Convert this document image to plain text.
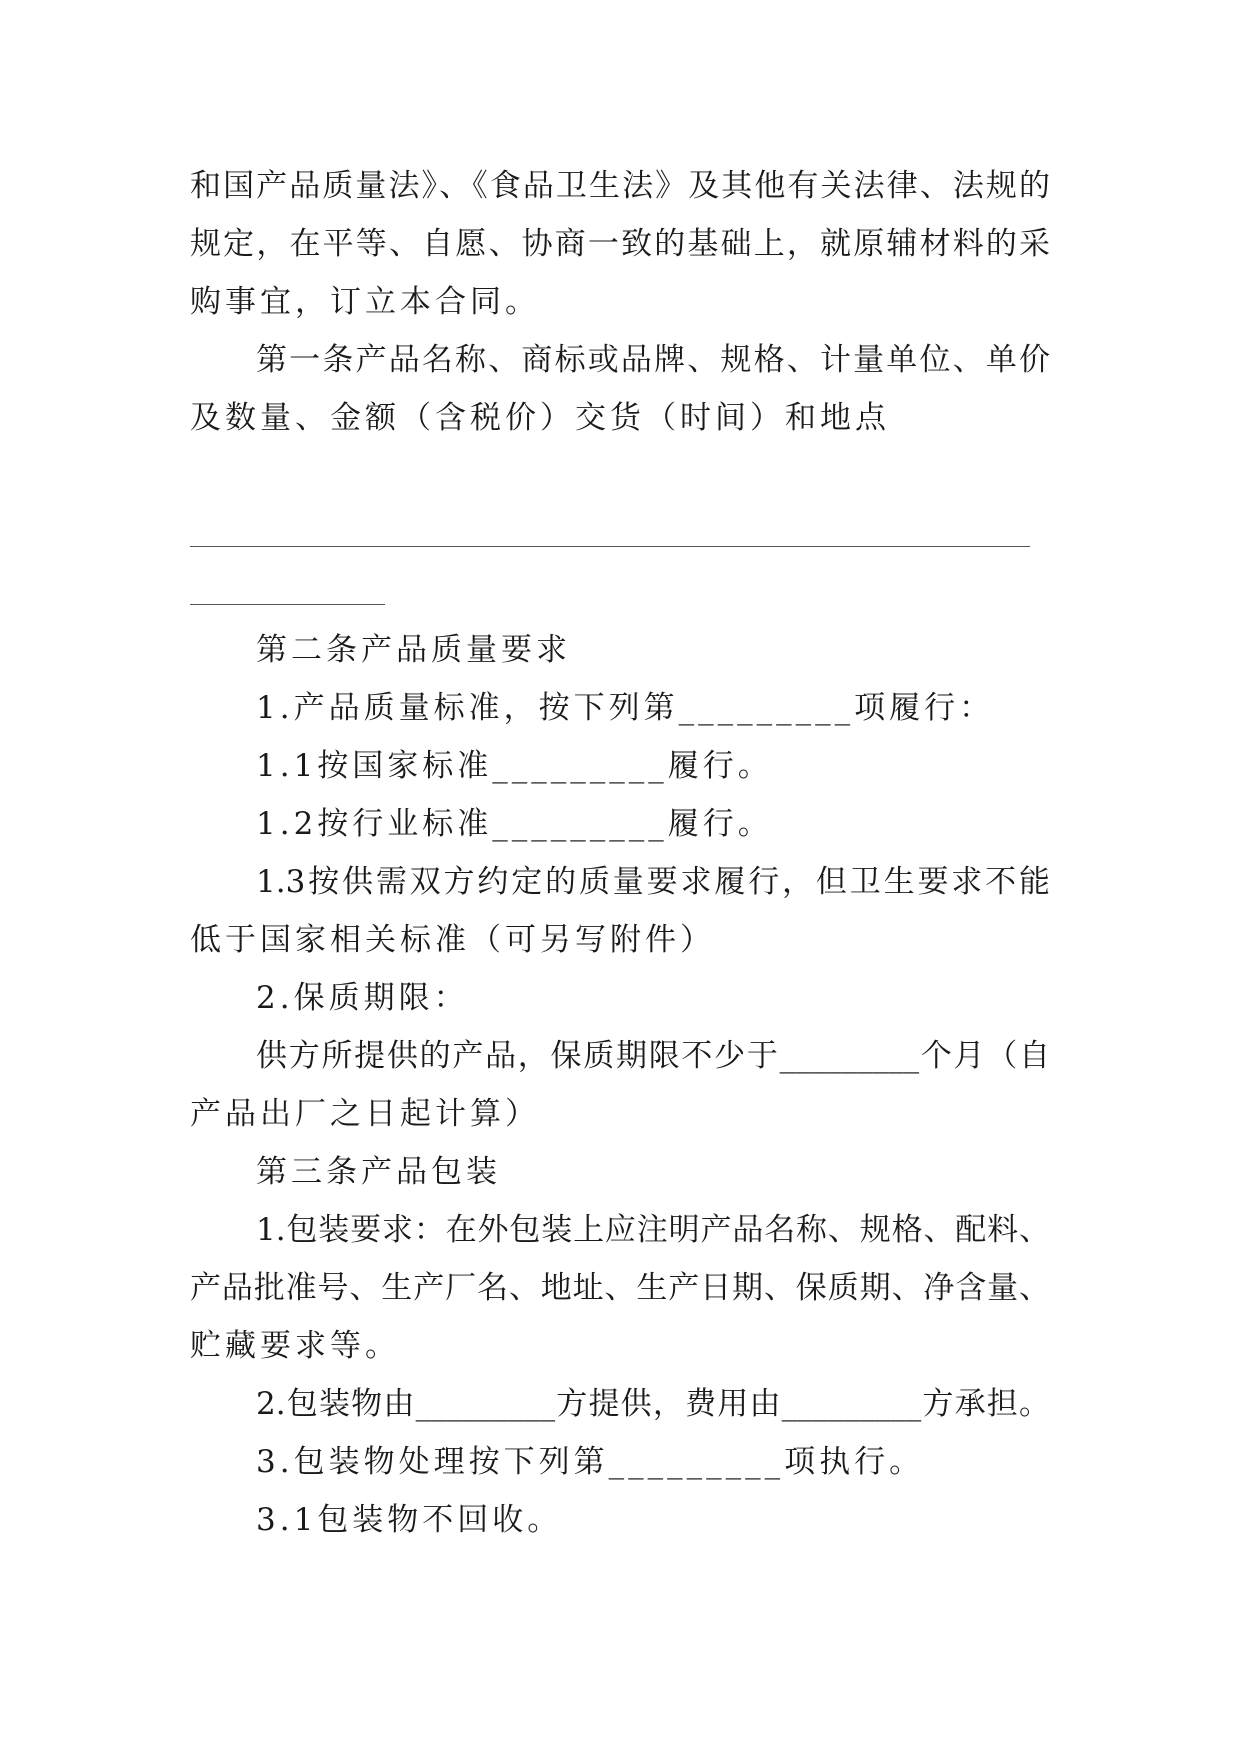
和国产品质量法》、《食品卫生法》及其他有关法律、法规的
规定，在平等、自愿、协商一致的基础上，就原辅材料的采
购事宜，订立本合同。
第一条产品名称、商标或品牌、规格、计量单位、单价
及数量、金额（含税价）交货（时间）和地点
第二条产品质量要求
1.产品质量标准，按下列第_________项履行：
1.1按国家标准_________履行。
1.2按行业标准_________履行。
1.3按供需双方约定的质量要求履行，但卫生要求不能
低于国家相关标准（可另写附件）
2.保质期限：
供方所提供的产品，保质期限不少于_________个月（自
产品出厂之日起计算）
第三条产品包装
1.包装要求：在外包装上应注明产品名称、规格、配料、
产品批准号、生产厂名、地址、生产日期、保质期、净含量、
贮藏要求等。
2.包装物由_________方提供，费用由_________方承担。
3.包装物处理按下列第_________项执行。
3.1包装物不回收。
